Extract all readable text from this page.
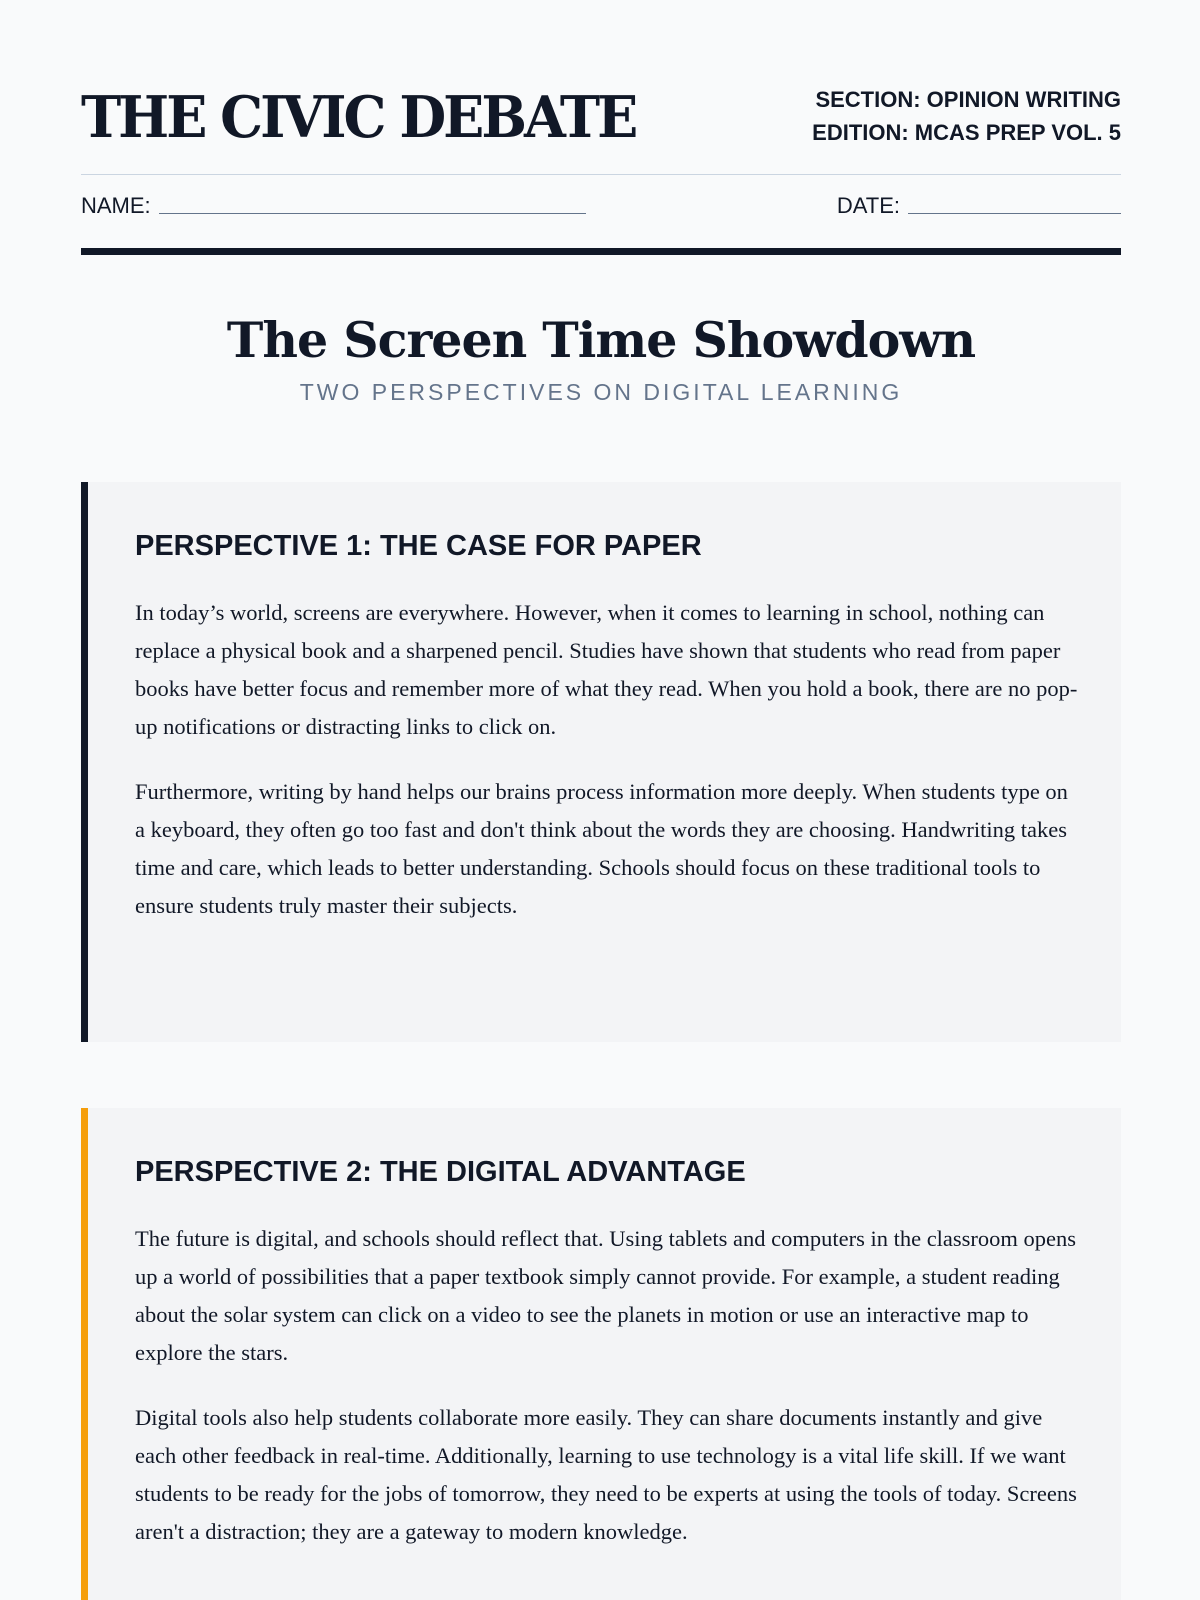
THE CIVIC DEBATE	SECTION: OPINION WRITING
EDITION: MCAS PREP VOL. 5
NAME:	DATE:
The Screen Time Showdown
TWO PERSPECTIVES ON DIGITAL LEARNING
PERSPECTIVE 1: THE CASE FOR PAPER

In today’s world, screens are everywhere. However, when it comes to learning in school, nothing can replace a physical book and a sharpened pencil. Studies have shown that students who read from paper books have better focus and remember more of what they read. When you hold a book, there are no pop-up notifications or distracting links to click on.

Furthermore, writing by hand helps our brains process information more deeply. When students type on a keyboard, they often go too fast and don't think about the words they are choosing. Handwriting takes time and care, which leads to better understanding. Schools should focus on these traditional tools to ensure students truly master their subjects.

PERSPECTIVE 2: THE DIGITAL ADVANTAGE

The future is digital, and schools should reflect that. Using tablets and computers in the classroom opens up a world of possibilities that a paper textbook simply cannot provide. For example, a student reading about the solar system can click on a video to see the planets in motion or use an interactive map to explore the stars.

Digital tools also help students collaborate more easily. They can share documents instantly and give each other feedback in real-time. Additionally, learning to use technology is a vital life skill. If we want students to be ready for the jobs of tomorrow, they need to be experts at using the tools of today. Screens aren't a distraction; they are a gateway to modern knowledge.
